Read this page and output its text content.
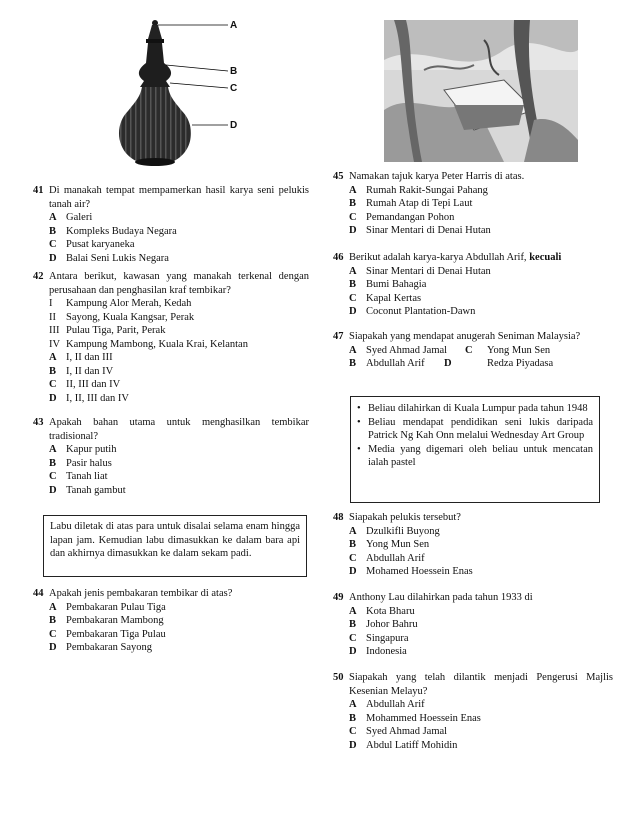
A
B
C
D
41 Di manakah tempat mempamerkan hasil karya seni pelukis tanah air?
A Galeri
B Kompleks Budaya Negara
C Pusat karyaneka
D Balai Seni Lukis Negara
42 Antara berikut, kawasan yang manakah terkenal dengan perusahaan dan penghasilan kraf tembikar?
I	Kampung Alor Merah, Kedah
II Sayong, Kuala Kangsar, Perak
III Pulau Tiga, Parit, Perak
IV Kampung Mambong, Kuala Krai, Kelantan
A I, II dan III
B I, II dan IV
C II, III dan IV
D I, II, III dan IV
43 Apakah bahan utama untuk menghasilkan tembikar tradisional?
A Kapur putih
B Pasir halus
C Tanah liat
D Tanah gambut

Labu diletak di atas para untuk disalai selama enam hingga lapan jam. Kemudian labu dimasukkan ke dalam bara api dan akhirnya dimasukkan ke dalam sekam padi.

44 Apakah jenis pembakaran tembikar di atas?
A Pembakaran Pulau Tiga
B Pembakaran Mambong
C Pembakaran Tiga Pulau
D Pembakaran Sayong
45 Namakan tajuk karya Peter Harris di atas.
A Rumah Rakit-Sungai Pahang
B Rumah Atap di Tepi Laut
C Pemandangan Pohon
D Sinar Mentari di Denai Hutan
46 Berikut adalah karya-karya Abdullah Arif, kecuali
A Sinar Mentari di Denai Hutan
B Bumi Bahagia
C Kapal Kertas
D Coconut Plantation-Dawn
47 Siapakah yang mendapat anugerah Seniman Malaysia?
A Syed Ahmad Jamal C	Yong Mun Sen
B Abdullah Arif D	Redza Piyadasa
• Beliau dilahirkan di Kuala Lumpur pada tahun 1948

• Beliau mendapat pendidikan seni lukis daripada Patrick Ng Kah Onn melalui Wednesday Art Group

• Media yang digemari oleh beliau untuk mencatan ialah pastel

48 Siapakah pelukis tersebut?
A Dzulkifli Buyong
B Yong Mun Sen
C Abdullah Arif
D Mohamed Hoessein Enas
49 Anthony Lau dilahirkan pada tahun 1933 di
A Kota Bharu
B Johor Bahru
C Singapura
D Indonesia
50 Siapakah yang telah dilantik menjadi Pengerusi Majlis Kesenian Melayu?
A Abdullah Arif
B Mohammed Hoessein Enas
C Syed Ahmad Jamal
D Abdul Latiff Mohidin
